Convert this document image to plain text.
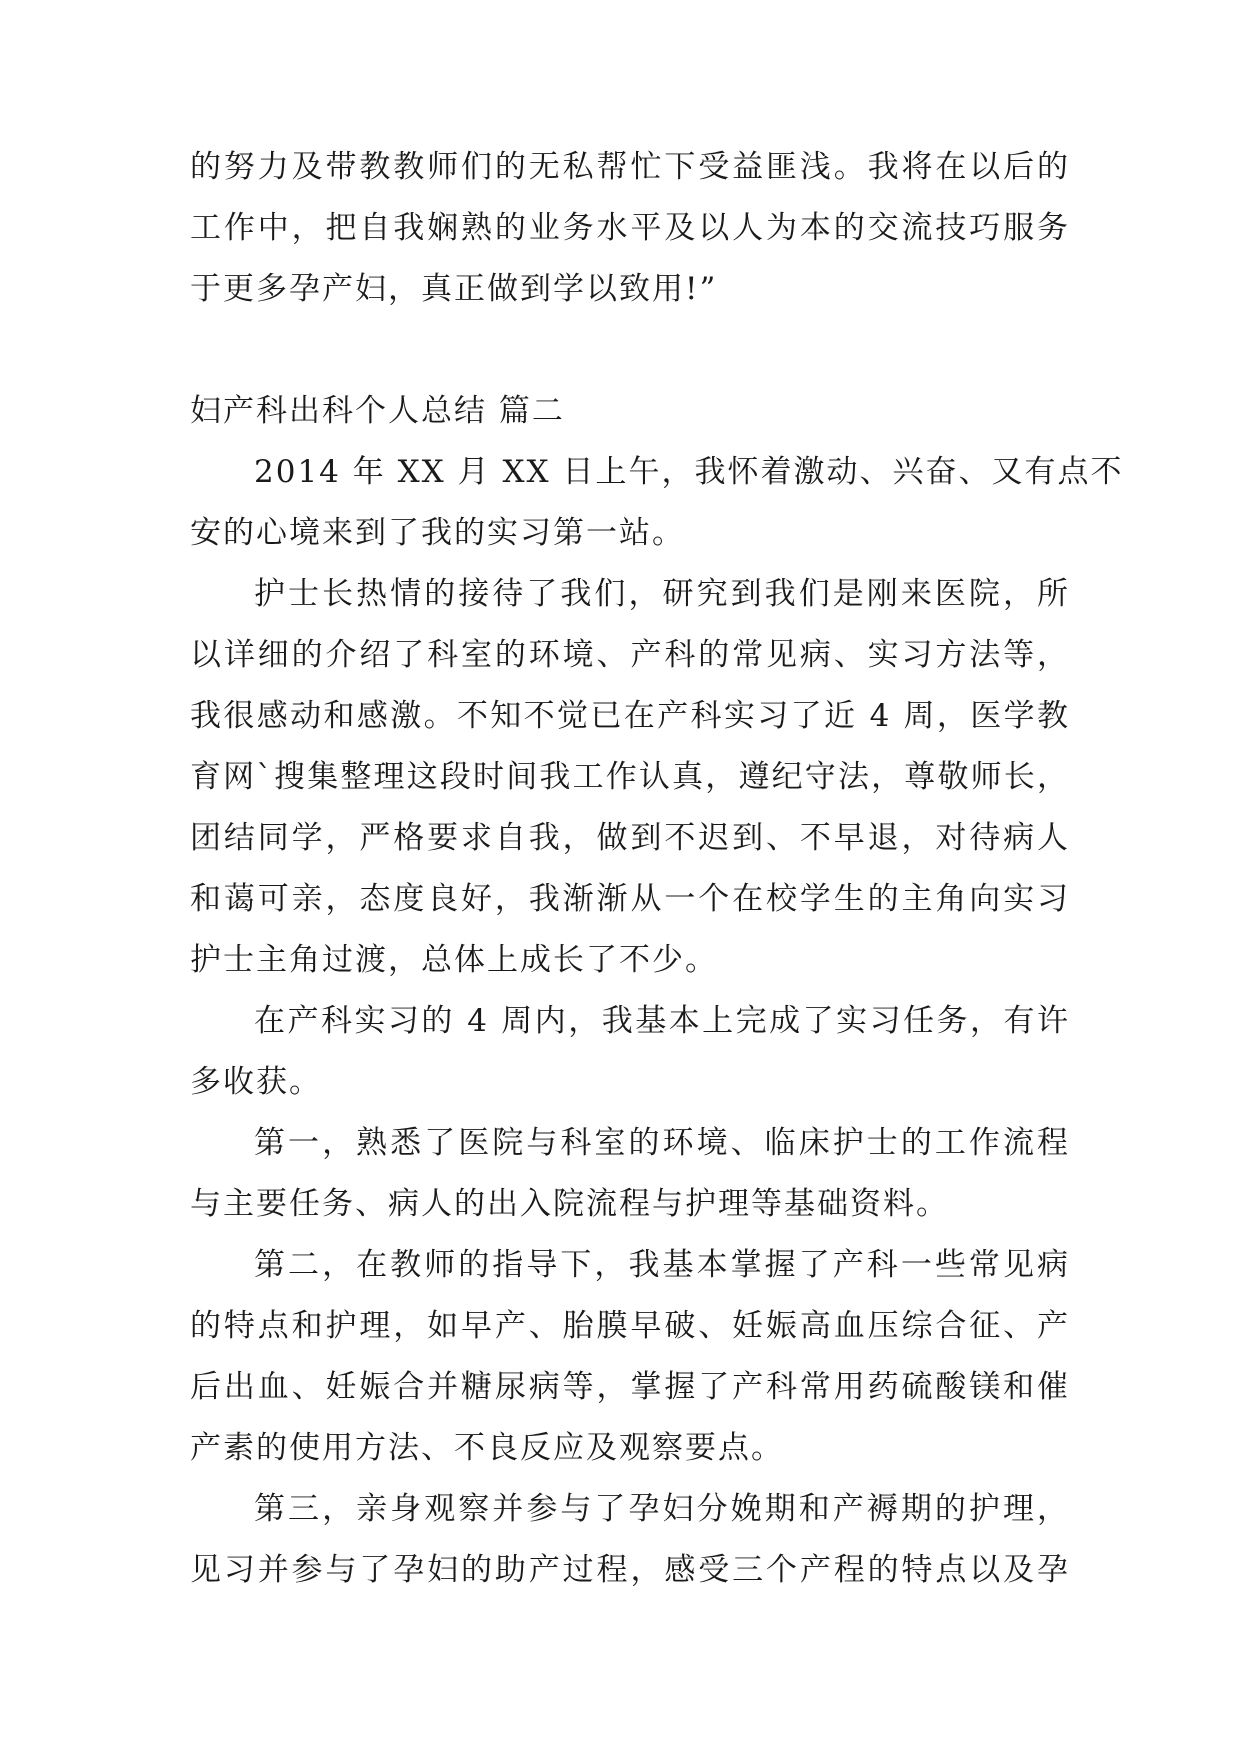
的努力及带教教师们的无私帮忙下受益匪浅。我将在以后的
工作中，把自我娴熟的业务水平及以人为本的交流技巧服务
于更多孕产妇，真正做到学以致用!”
妇产科出科个人总结 篇二
2014 年 XX 月 XX 日上午，我怀着激动、兴奋、又有点不
安的心境来到了我的实习第一站。
护士长热情的接待了我们，研究到我们是刚来医院，所
以详细的介绍了科室的环境、产科的常见病、实习方法等，
我很感动和感激。不知不觉已在产科实习了近 4 周，医学教
育网`搜集整理这段时间我工作认真，遵纪守法，尊敬师长，
团结同学，严格要求自我，做到不迟到、不早退，对待病人
和蔼可亲，态度良好，我渐渐从一个在校学生的主角向实习
护士主角过渡，总体上成长了不少。
在产科实习的 4 周内，我基本上完成了实习任务，有许
多收获。
第一，熟悉了医院与科室的环境、临床护士的工作流程
与主要任务、病人的出入院流程与护理等基础资料。
第二，在教师的指导下，我基本掌握了产科一些常见病
的特点和护理，如早产、胎膜早破、妊娠高血压综合征、产
后出血、妊娠合并糖尿病等，掌握了产科常用药硫酸镁和催
产素的使用方法、不良反应及观察要点。
第三，亲身观察并参与了孕妇分娩期和产褥期的护理，
见习并参与了孕妇的助产过程，感受三个产程的特点以及孕
